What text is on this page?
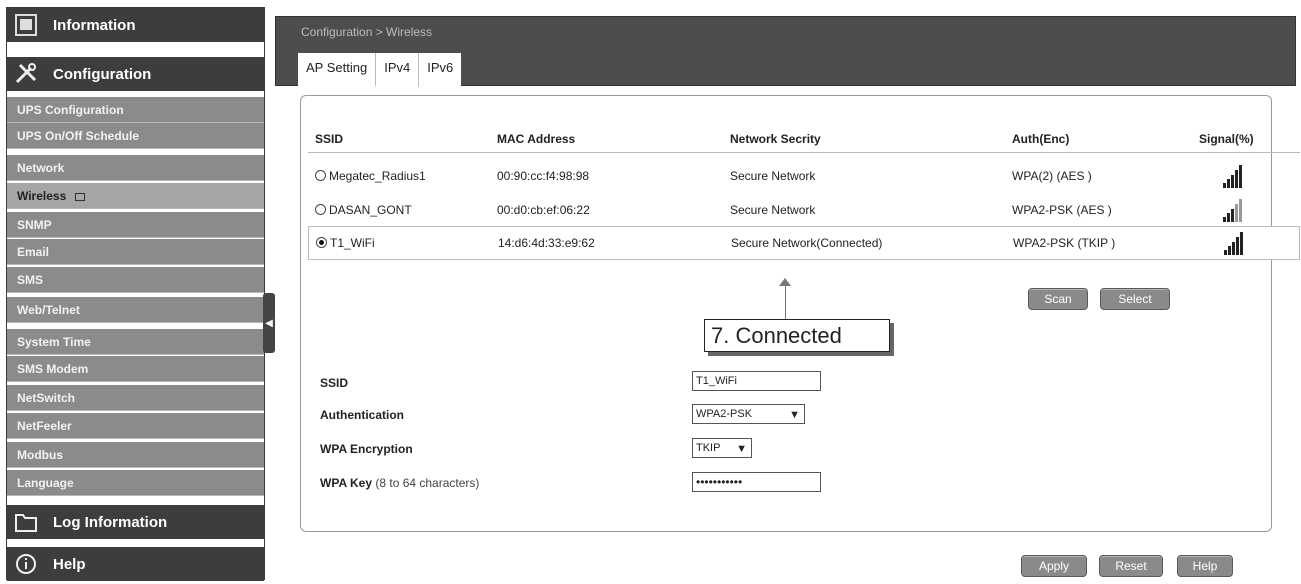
Information
Configuration
UPS Configuration
UPS On/Off Schedule
Network
Wireless
SNMP
Email
SMS
Web/Telnet
System Time
SMS Modem
NetSwitch
NetFeeler
Modbus
Language
Log Information
Help
◀
Configuration > Wireless
AP Setting	IPv4	IPv6
SSID	MAC Address	Network Secrity	Auth(Enc)	Signal(%)
Megatec_Radius1	00:90:cc:f4:98:98	Secure Network	WPA(2) (AES )
DASAN_GONT	00:d0:cb:ef:06:22	Secure Network	WPA2-PSK (AES )
T1_WiFi	14:d6:4d:33:e9:62	Secure Network(Connected)	WPA2-PSK (TKIP )
Scan	Select
7. Connected
SSID	T1_WiFi
Authentication	WPA2-PSK	▼
WPA Encryption	TKIP ▼
WPA Key (8 to 64 characters)	•••••••••••
Apply	Reset	Help
